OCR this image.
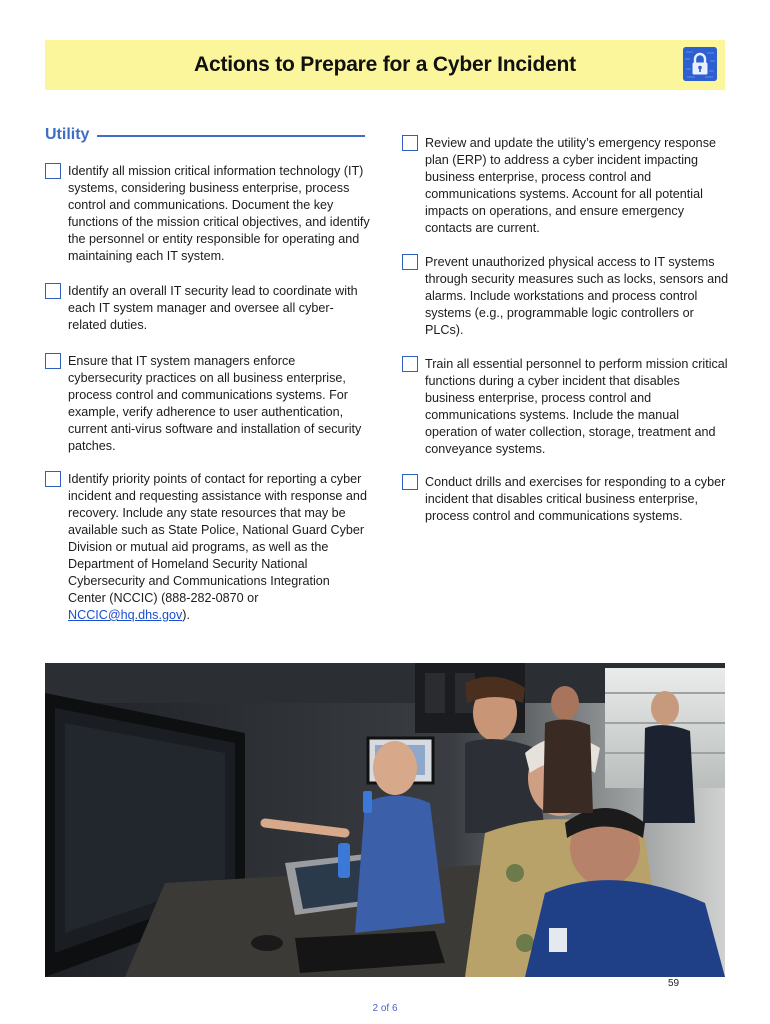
Actions to Prepare for a Cyber Incident
Utility
Identify all mission critical information technology (IT) systems, considering business enterprise, process control and communications. Document the key functions of the mission critical objectives, and identify the personnel or entity responsible for operating and maintaining each IT system.
Identify an overall IT security lead to coordinate with each IT system manager and oversee all cyber-related duties.
Ensure that IT system managers enforce cybersecurity practices on all business enterprise, process control and communications systems. For example, verify adherence to user authentication, current anti-virus software and installation of security patches.
Identify priority points of contact for reporting a cyber incident and requesting assistance with response and recovery. Include any state resources that may be available such as State Police, National Guard Cyber Division or mutual aid programs, as well as the Department of Homeland Security National Cybersecurity and Communications Integration Center (NCCIC) (888-282-0870 or NCCIC@hq.dhs.gov).
Review and update the utility’s emergency response plan (ERP) to address a cyber incident impacting business enterprise, process control and communications systems. Account for all potential impacts on operations, and ensure emergency contacts are current.
Prevent unauthorized physical access to IT systems through security measures such as locks, sensors and alarms. Include workstations and process control systems (e.g., programmable logic controllers or PLCs).
Train all essential personnel to perform mission critical functions during a cyber incident that disables business enterprise, process control and communications systems. Include the manual operation of water collection, storage, treatment and conveyance systems.
Conduct drills and exercises for responding to a cyber incident that disables critical business enterprise, process control and communications systems.
59
2 of 6
